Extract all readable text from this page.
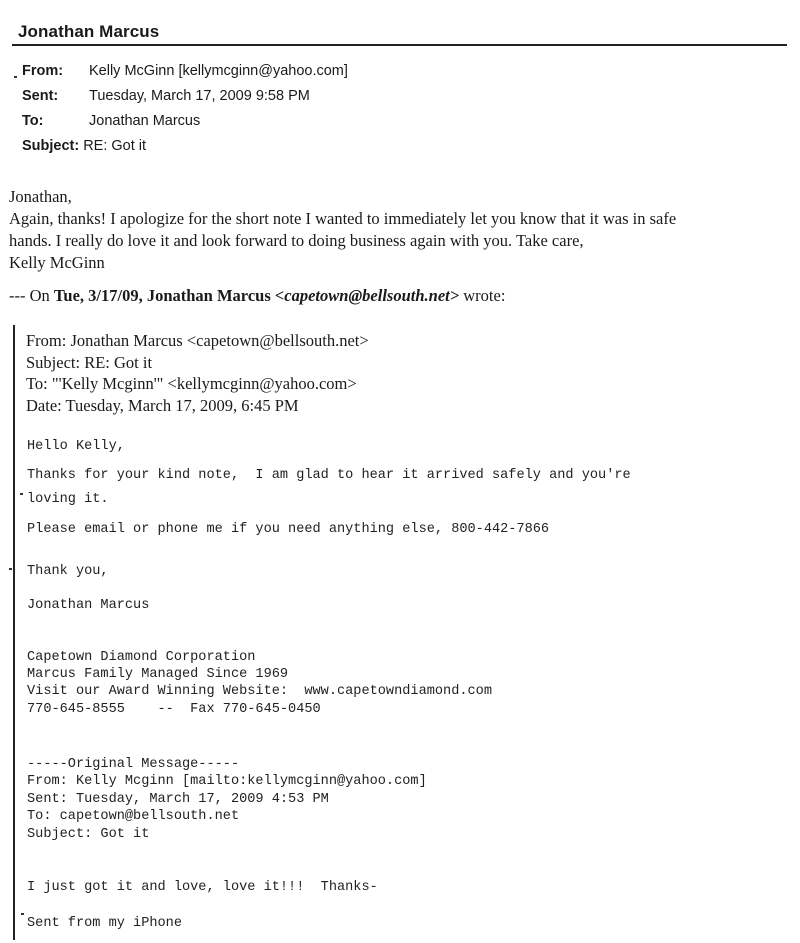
Jonathan Marcus
From: Kelly McGinn [kellymcginn@yahoo.com]
Sent: Tuesday, March 17, 2009 9:58 PM
To:	Jonathan Marcus
Subject: RE: Got it
Jonathan,
Again, thanks! I apologize for the short note I wanted to immediately let you know that it was in safe
hands. I really do love it and look forward to doing business again with you. Take care,
Kelly McGinn
--- On Tue, 3/17/09, Jonathan Marcus <capetown@bellsouth.net> wrote:
From: Jonathan Marcus <capetown@bellsouth.net>
Subject: RE: Got it
To: "'Kelly Mcginn'" <kellymcginn@yahoo.com>
Date: Tuesday, March 17, 2009, 6:45 PM
Hello Kelly,
Thanks for your kind note,  I am glad to hear it arrived safely and you're
loving it.
Please email or phone me if you need anything else, 800-442-7866
Thank you,
Jonathan Marcus
Capetown Diamond Corporation
Marcus Family Managed Since 1969
Visit our Award Winning Website:  www.capetowndiamond.com
770-645-8555    --  Fax 770-645-0450
-----Original Message-----
From: Kelly Mcginn [mailto:kellymcginn@yahoo.com]
Sent: Tuesday, March 17, 2009 4:53 PM
To: capetown@bellsouth.net
Subject: Got it
I just got it and love, love it!!!  Thanks-
Sent from my iPhone
